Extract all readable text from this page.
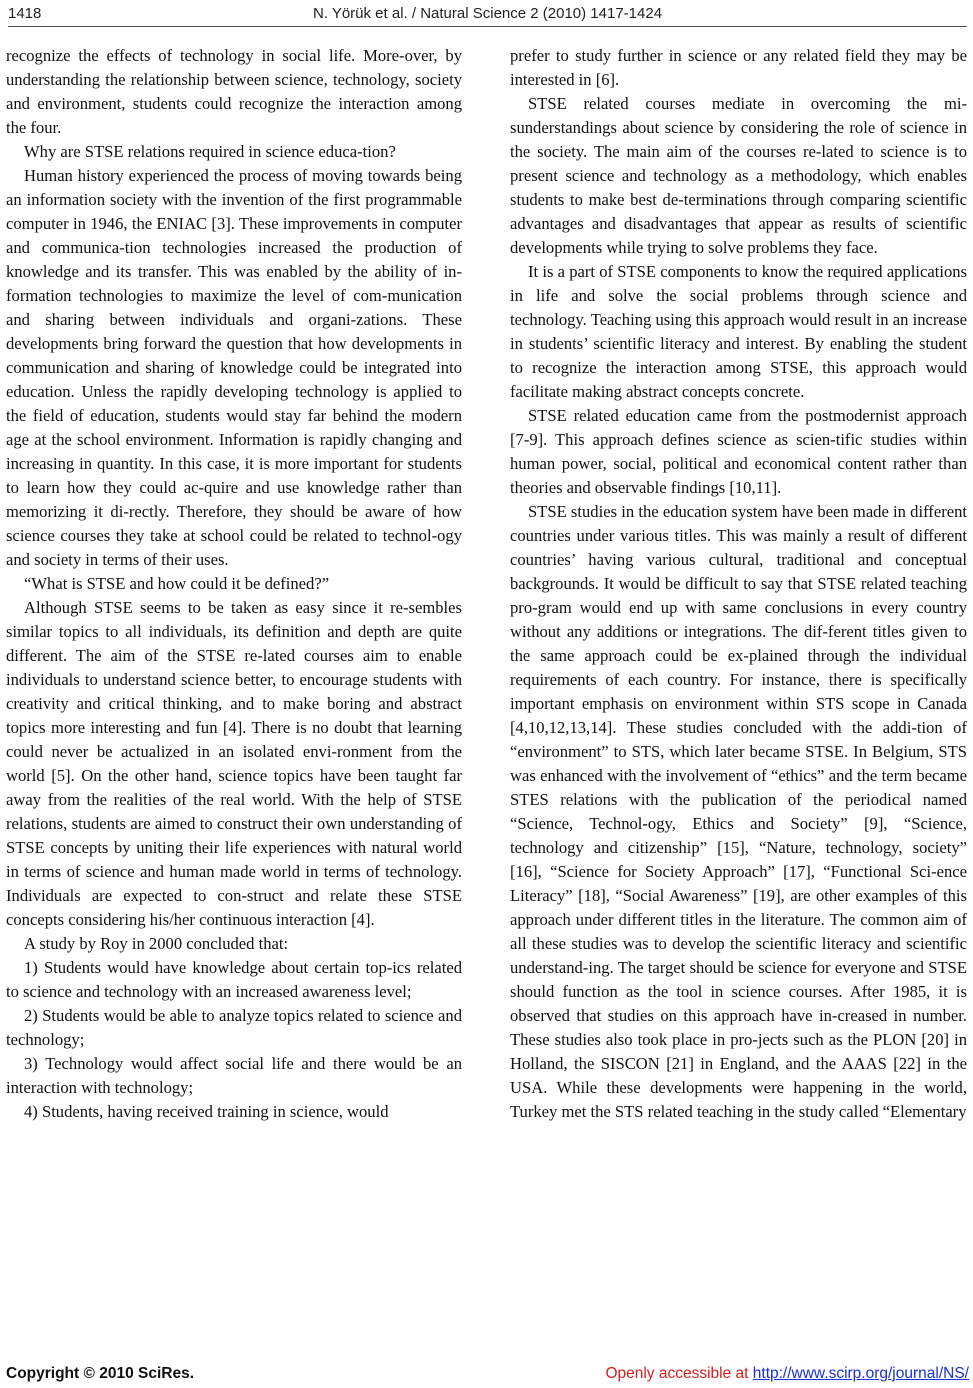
1418	N. Yörük et al. / Natural Science 2 (2010) 1417-1424

recognize the effects of technology in social life. More-over, by understanding the relationship between science, technology, society and environment, students could recognize the interaction among the four.

Why are STSE relations required in science educa-tion?

Human history experienced the process of moving towards being an information society with the invention of the first programmable computer in 1946, the ENIAC [3]. These improvements in computer and communica-tion technologies increased the production of knowledge and its transfer. This was enabled by the ability of in-formation technologies to maximize the level of com-munication and sharing between individuals and organi-zations. These developments bring forward the question that how developments in communication and sharing of knowledge could be integrated into education. Unless the rapidly developing technology is applied to the field of education, students would stay far behind the modern age at the school environment. Information is rapidly changing and increasing in quantity. In this case, it is more important for students to learn how they could ac-quire and use knowledge rather than memorizing it di-rectly. Therefore, they should be aware of how science courses they take at school could be related to technol-ogy and society in terms of their uses.

“What is STSE and how could it be defined?”

Although STSE seems to be taken as easy since it re-sembles similar topics to all individuals, its definition and depth are quite different. The aim of the STSE re-lated courses aim to enable individuals to understand science better, to encourage students with creativity and critical thinking, and to make boring and abstract topics more interesting and fun [4]. There is no doubt that learning could never be actualized in an isolated envi-ronment from the world [5]. On the other hand, science topics have been taught far away from the realities of the real world. With the help of STSE relations, students are aimed to construct their own understanding of STSE concepts by uniting their life experiences with natural world in terms of science and human made world in terms of technology. Individuals are expected to con-struct and relate these STSE concepts considering his/her continuous interaction [4].

A study by Roy in 2000 concluded that:

1) Students would have knowledge about certain top-ics related to science and technology with an increased awareness level;

2) Students would be able to analyze topics related to science and technology;

3) Technology would affect social life and there would be an interaction with technology;

4) Students, having received training in science, would

prefer to study further in science or any related field they may be interested in [6].

STSE related courses mediate in overcoming the mi-sunderstandings about science by considering the role of science in the society. The main aim of the courses re-lated to science is to present science and technology as a methodology, which enables students to make best de-terminations through comparing scientific advantages and disadvantages that appear as results of scientific developments while trying to solve problems they face.

It is a part of STSE components to know the required applications in life and solve the social problems through science and technology. Teaching using this approach would result in an increase in students’ scientific literacy and interest. By enabling the student to recognize the interaction among STSE, this approach would facilitate making abstract concepts concrete.

STSE related education came from the postmodernist approach [7-9]. This approach defines science as scien-tific studies within human power, social, political and economical content rather than theories and observable findings [10,11].

STSE studies in the education system have been made in different countries under various titles. This was mainly a result of different countries’ having various cultural, traditional and conceptual backgrounds. It would be difficult to say that STSE related teaching pro-gram would end up with same conclusions in every country without any additions or integrations. The dif-ferent titles given to the same approach could be ex-plained through the individual requirements of each country. For instance, there is specifically important emphasis on environment within STS scope in Canada [4,10,12,13,14]. These studies concluded with the addi-tion of “environment” to STS, which later became STSE. In Belgium, STS was enhanced with the involvement of “ethics” and the term became STES relations with the publication of the periodical named “Science, Technol-ogy, Ethics and Society” [9], “Science, technology and citizenship” [15], “Nature, technology, society” [16], “Science for Society Approach” [17], “Functional Sci-ence Literacy” [18], “Social Awareness” [19], are other examples of this approach under different titles in the literature. The common aim of all these studies was to develop the scientific literacy and scientific understand-ing. The target should be science for everyone and STSE should function as the tool in science courses. After 1985, it is observed that studies on this approach have in-creased in number. These studies also took place in pro-jects such as the PLON [20] in Holland, the SISCON [21] in England, and the AAAS [22] in the USA. While these developments were happening in the world, Turkey met the STS related teaching in the study called “Elementary

Copyright © 2010 SciRes.	Openly accessible at http://www.scirp.org/journal/NS/
